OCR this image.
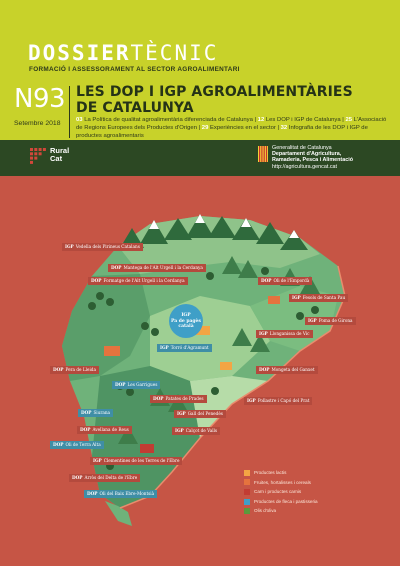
DOSSIERTÈCNIC
FORMACIÓ I ASSESSORAMENT AL SECTOR AGROALIMENTARI
N93
Setembre 2018
LES DOP I IGP AGROALIMENTÀRIES
DE CATALUNYA
03 La Política de qualitat agroalimentària diferenciada de Catalunya | 12 Les DOP i IGP de Catalunya | 25 L'Associació de Regions Europees dels Productes d'Origen | 29 Experiències en el sector | 32 Infografia de les DOP i IGP de productes agroalimentaris
Rural
Cat
Generalitat de Catalunya
Departament d'Agricultura,
Ramaderia, Pesca i Alimentació
http://agricultura.gencat.cat
IGP
Pa de pagès
català
IGP Vedella dels Pirineus Catalans
DOP Mantega de l'Alt Urgell i la Cerdanya
DOP Formatge de l'Alt Urgell i la Cerdanya	DOP Oli de l'Empordà
IGP Fesols de Santa Pau
IGP Poma de Girona
IGP Llonganissa de Vic
IGP Torró d'Agramunt
DOP Pera de Lleida	DOP Mongeta del Ganxet
DOP Les Garrigues
DOP Patates de Prades	IGP Pollastre i Capó del Prat
DOP Siurana	IGP Gall del Penedès
DOP Avellana de Reus	IGP Calçot de Valls
DOP Oli de Terra Alta
IGP Clementines de les Terres de l'Ebre
DOP Arròs del Delta de l'Ebre
DOP Oli del Baix Ebre-Montsià
Productes lactis
Fruites, hortalisses i cereals
Carn i productes carnis
Productes de fleca i pastisseria
Olis d'oliva
